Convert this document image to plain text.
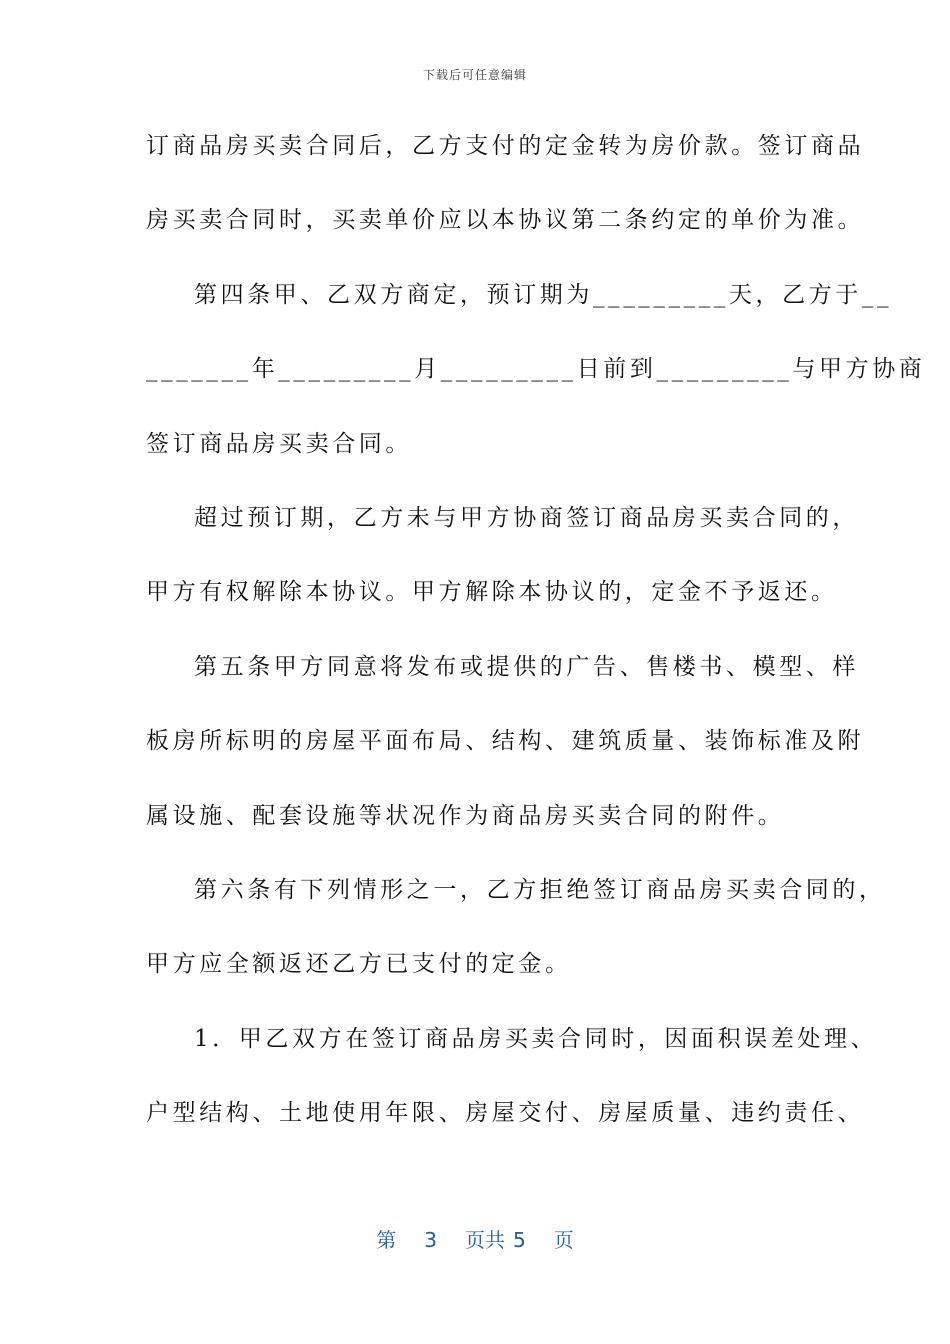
下载后可任意编辑
订商品房买卖合同后，乙方支付的定金转为房价款。签订商品
房买卖合同时，买卖单价应以本协议第二条约定的单价为准。
第四条甲、乙双方商定，预订期为_________天，乙方于__
_______年_________月_________日前到_________与甲方协商
签订商品房买卖合同。
超过预订期，乙方未与甲方协商签订商品房买卖合同的，
甲方有权解除本协议。甲方解除本协议的，定金不予返还。
第五条甲方同意将发布或提供的广告、售楼书、模型、样
板房所标明的房屋平面布局、结构、建筑质量、装饰标准及附
属设施、配套设施等状况作为商品房买卖合同的附件。
第六条有下列情形之一，乙方拒绝签订商品房买卖合同的，
甲方应全额返还乙方已支付的定金。
1．甲乙双方在签订商品房买卖合同时，因面积误差处理、
户型结构、土地使用年限、房屋交付、房屋质量、违约责任、
第 3 页共 5 页
